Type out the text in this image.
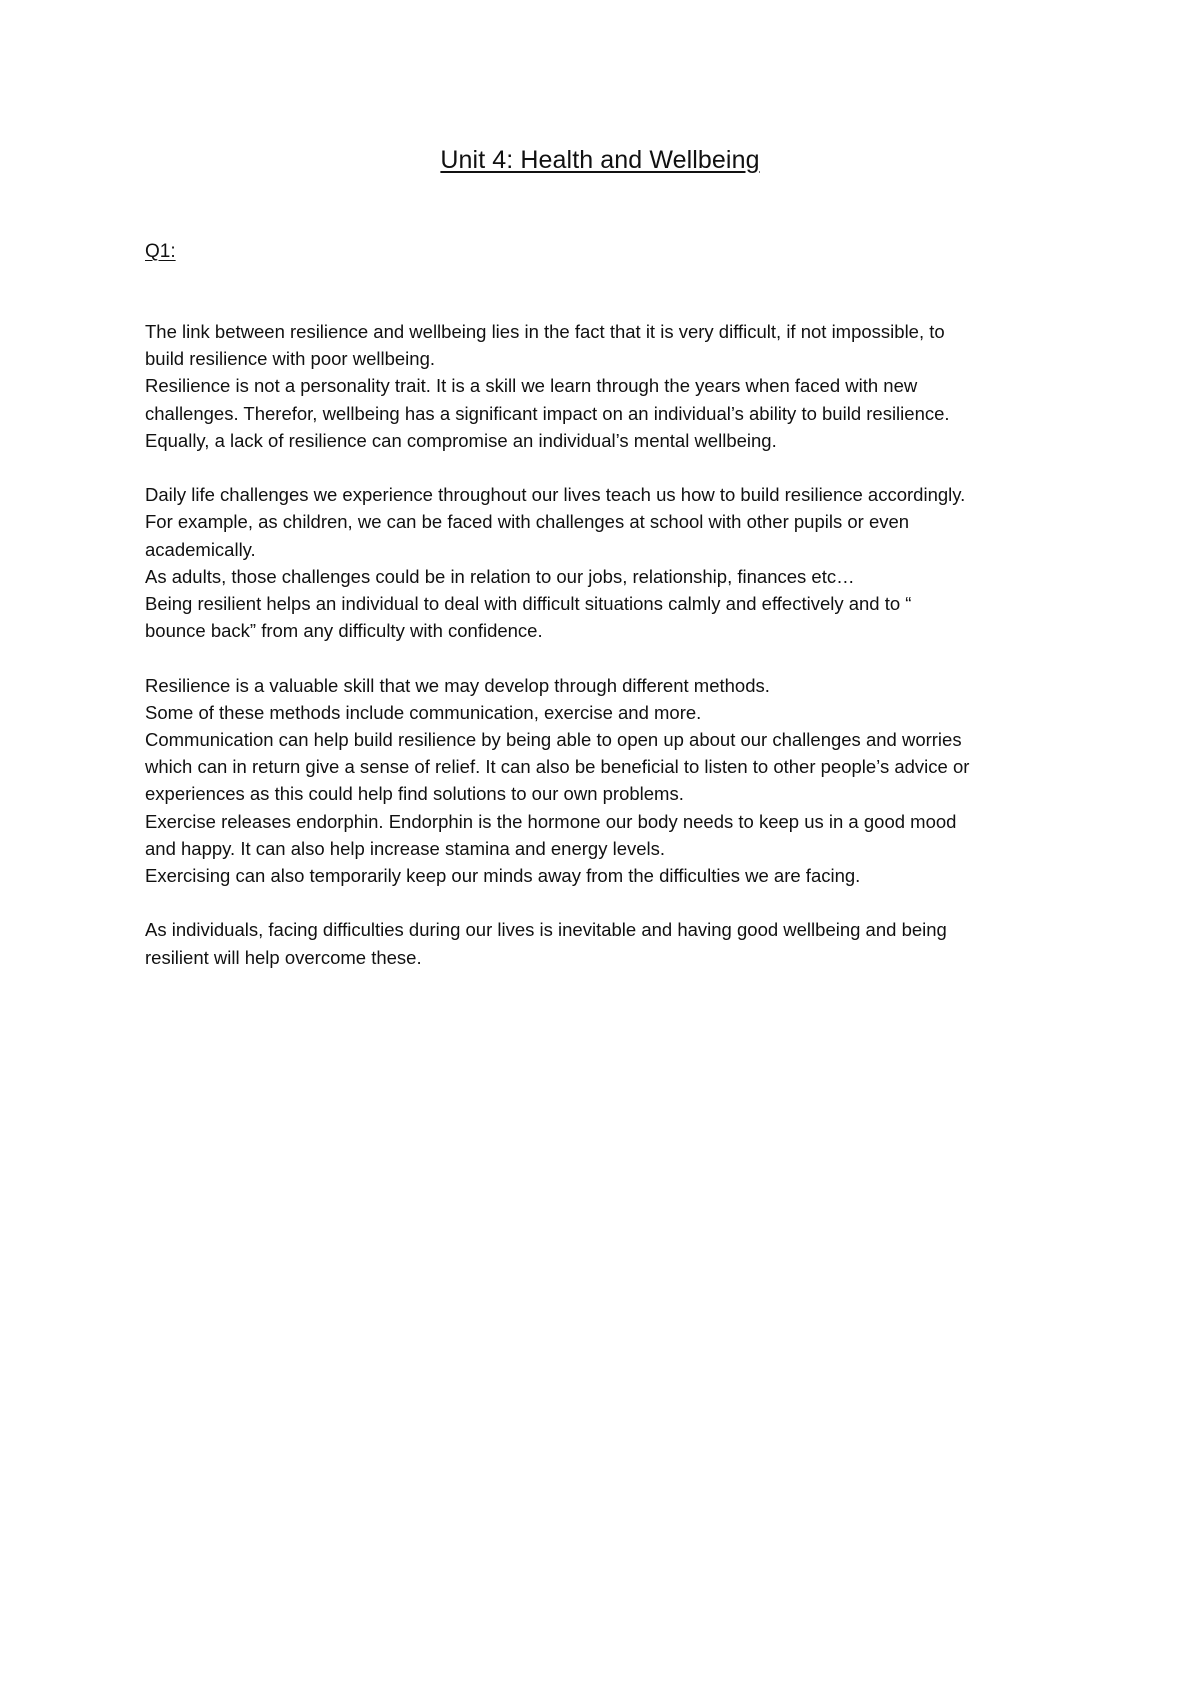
Unit 4: Health and Wellbeing
Q1:
The link between resilience and wellbeing lies in the fact that it is very difficult, if not impossible, to
build resilience with poor wellbeing.
Resilience is not a personality trait. It is a skill we learn through the years when faced with new
challenges. Therefor, wellbeing has a significant impact on an individual’s ability to build resilience.
Equally, a lack of resilience can compromise an individual’s mental wellbeing.
Daily life challenges we experience throughout our lives teach us how to build resilience accordingly.
For example, as children, we can be faced with challenges at school with other pupils or even
academically.
As adults, those challenges could be in relation to our jobs, relationship, finances etc…
Being resilient helps an individual to deal with difficult situations calmly and effectively and to “
bounce back” from any difficulty with confidence.
Resilience is a valuable skill that we may develop through different methods.
Some of these methods include communication, exercise and more.
Communication can help build resilience by being able to open up about our challenges and worries
which can in return give a sense of relief. It can also be beneficial to listen to other people’s advice or
experiences as this could help find solutions to our own problems.
Exercise releases endorphin. Endorphin is the hormone our body needs to keep us in a good mood
and happy. It can also help increase stamina and energy levels.
Exercising can also temporarily keep our minds away from the difficulties we are facing.
As individuals, facing difficulties during our lives is inevitable and having good wellbeing and being
resilient will help overcome these.
